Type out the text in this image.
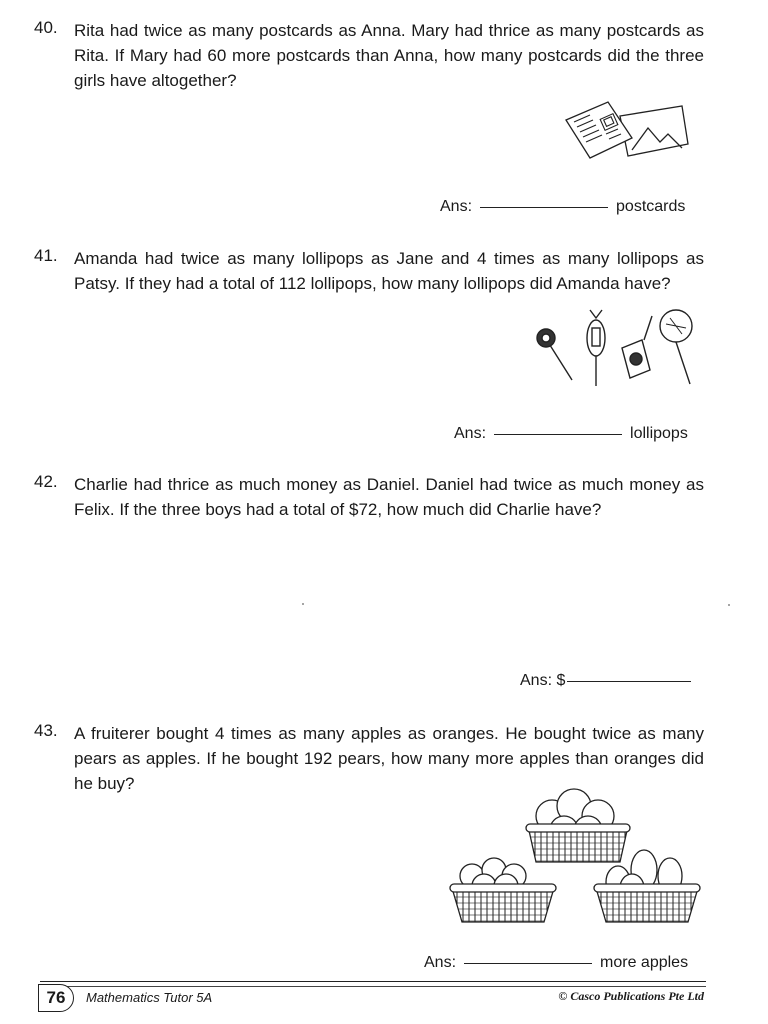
40. Rita had twice as many postcards as Anna. Mary had thrice as many postcards as Rita. If Mary had 60 more postcards than Anna, how many postcards did the three girls have altogether?

Ans:	postcards
41. Amanda had twice as many lollipops as Jane and 4 times as many lollipops as Patsy. If they had a total of 112 lollipops, how many lollipops did Amanda have?

Ans:	lollipops
42. Charlie had thrice as much money as Daniel. Daniel had twice as much money as Felix. If the three boys had a total of $72, how much did Charlie have?

Ans: $
43. A fruiterer bought 4 times as many apples as oranges. He bought twice as many pears as apples. If he bought 192 pears, how many more apples than oranges did he buy?

Ans:	more apples
76	Mathematics Tutor 5A	© Casco Publications Pte Ltd
